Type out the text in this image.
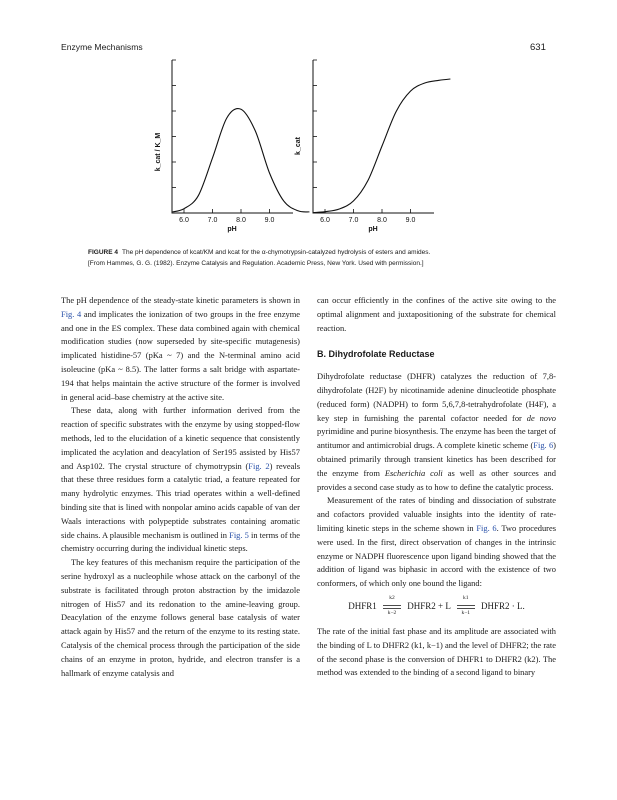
Enzyme Mechanisms	631
6.0	7.0	8.0	9.0
pH
k_cat / K_M
6.0	7.0	8.0	9.0
pH
k_cat
FIGURE 4 The pH dependence of kcat/KM and kcat for the α-chymotrypsin-catalyzed hydrolysis of esters and amides.
[From Hammes, G. G. (1982). Enzyme Catalysis and Regulation. Academic Press, New York. Used with permission.]

The pH dependence of the steady-state kinetic parameters is shown in Fig. 4 and implicates the ionization of two groups in the free enzyme and one in the ES complex. These data combined again with chemical modification studies (now superseded by site-specific mutagenesis) implicated histidine-57 (pKa ~ 7) and the N-terminal amino acid isoleucine (pKa ~ 8.5). The latter forms a salt bridge with aspartate-194 that helps maintain the active structure of the former is involved in general acid–base chemistry at the active site.

These data, along with further information derived from the reaction of specific substrates with the enzyme by using stopped-flow methods, led to the elucidation of a kinetic sequence that consistently implicated the acylation and deacylation of Ser195 assisted by His57 and Asp102. The crystal structure of chymotrypsin (Fig. 2) reveals that these three residues form a catalytic triad, a feature repeated for many hydrolytic enzymes. This triad operates within a well-defined binding site that is lined with nonpolar amino acids capable of van der Waals interactions with polypeptide substrates containing aromatic side chains. A plausible mechanism is outlined in Fig. 5 in terms of the chemistry occurring during the individual kinetic steps.

The key features of this mechanism require the participation of the serine hydroxyl as a nucleophile whose attack on the carbonyl of the substrate is facilitated through proton abstraction by the imidazole nitrogen of His57 and its redonation to the amine-leaving group. Deacylation of the enzyme follows general base catalysis of water attack again by His57 and the return of the enzyme to its resting state. Catalysis of the chemical process through the participation of the side chains of an enzyme in proton, hydride, and electron transfer is a hallmark of enzyme catalysis and

can occur efficiently in the confines of the active site owing to the optimal alignment and juxtapositioning of the substrate for chemical reaction.

B. Dihydrofolate Reductase

Dihydrofolate reductase (DHFR) catalyzes the reduction of 7,8-dihydrofolate (H2F) by nicotinamide adenine dinucleotide phosphate (reduced form) (NADPH) to form 5,6,7,8-tetrahydrofolate (H4F), a key step in furnishing the parental cofactor needed for de novo pyrimidine and purine biosynthesis. The enzyme has been the target of antitumor and antimicrobial drugs. A complete kinetic scheme (Fig. 6) obtained primarily through transient kinetics has been described for the enzyme from Escherichia coli as well as other sources and provides a second case study as to how to define the catalytic process.

Measurement of the rates of binding and dissociation of substrate and cofactors provided valuable insights into the identity of rate-limiting kinetic steps in the scheme shown in Fig. 6. Two procedures were used. In the first, direct observation of changes in the intrinsic enzyme or NADPH fluorescence upon ligand binding showed that the addition of ligand was biphasic in accord with the existence of two conformers, of which only one bound the ligand:

DHFR1
k2
k−2
DHFR2 + L
k1
k−1
DHFR2 · L.

The rate of the initial fast phase and its amplitude are associated with the binding of L to DHFR2 (k1, k−1) and the level of DHFR2; the rate of the second phase is the conversion of DHFR1 to DHFR2 (k2). The method was extended to the binding of a second ligand to binary
